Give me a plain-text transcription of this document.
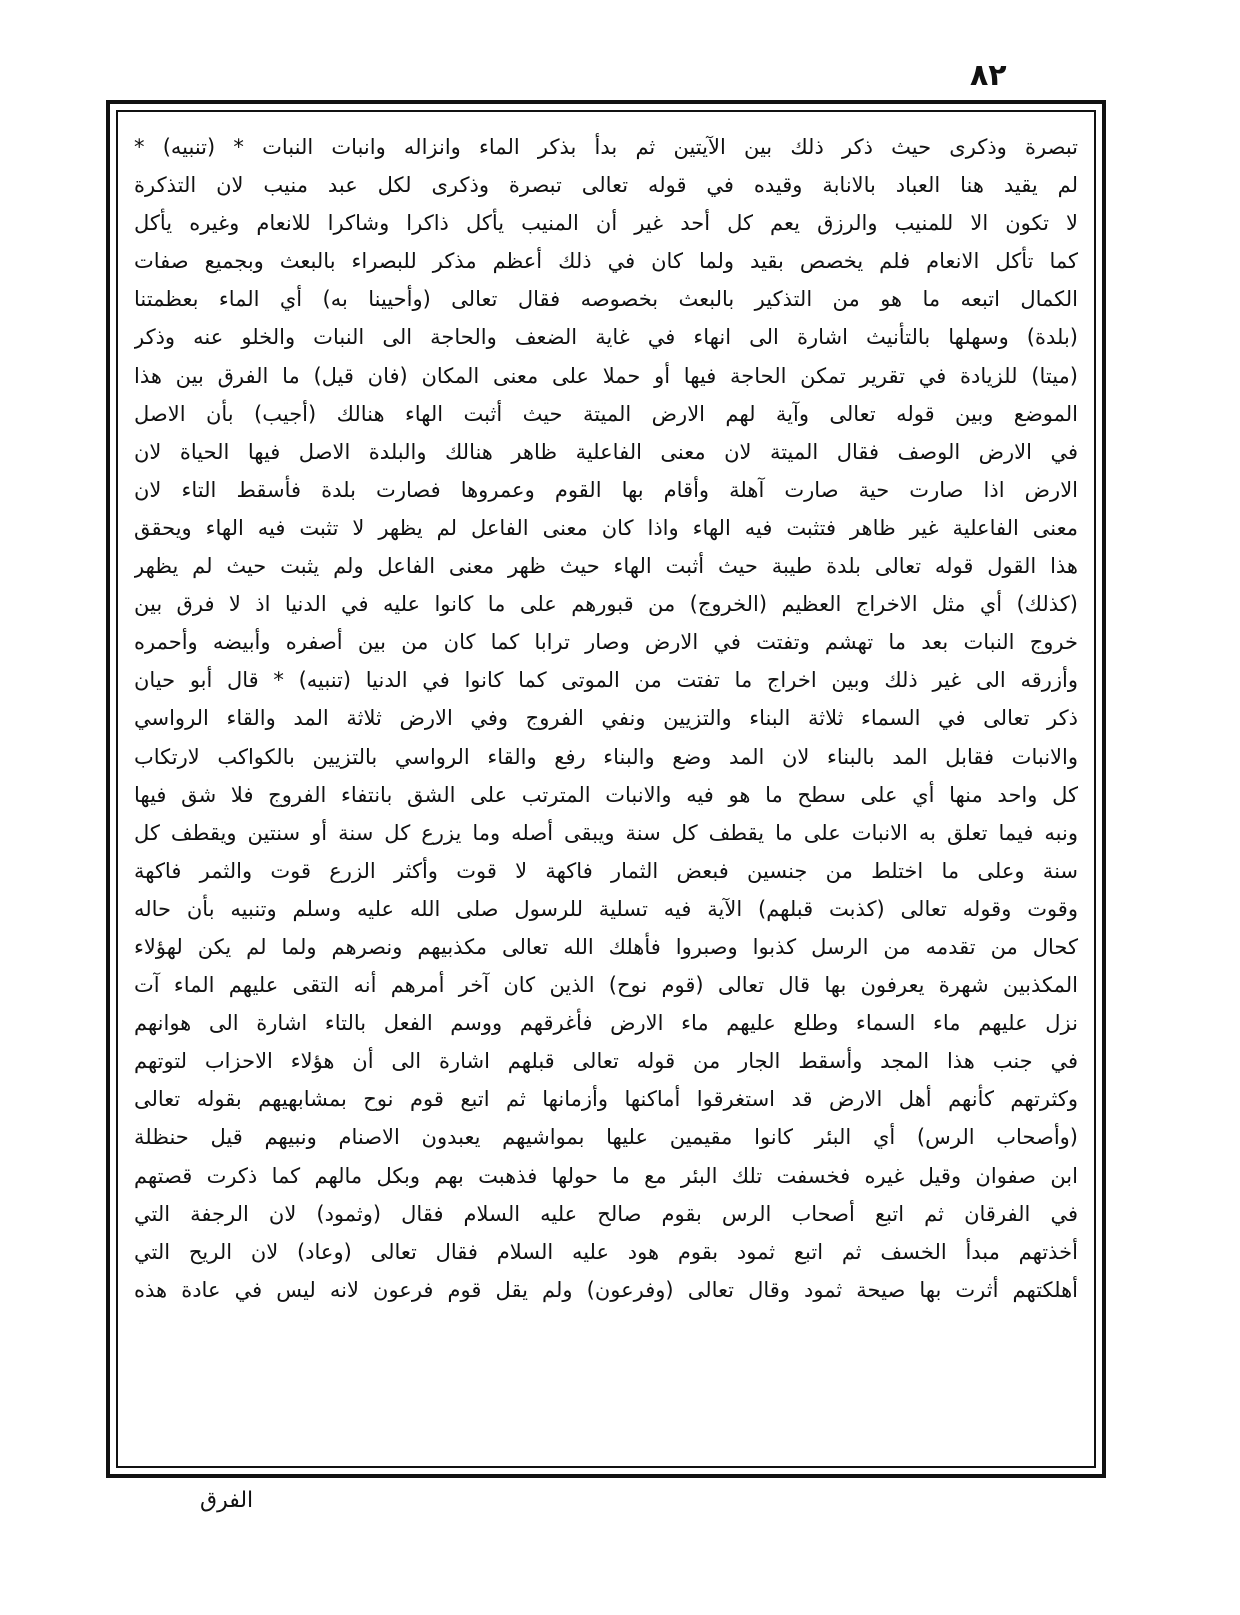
٨٢
تبصرة وذكرى حيث ذكر ذلك بين الآيتين ثم بدأ بذكر الماء وانزاله وانبات النبات * (تنبيه) *
لم يقيد هنا العباد بالانابة وقيده في قوله تعالى تبصرة وذكرى لكل عبد منيب لان التذكرة
لا تكون الا للمنيب والرزق يعم كل أحد غير أن المنيب يأكل ذاكرا وشاكرا للانعام وغيره يأكل
كما تأكل الانعام فلم يخصص بقيد ولما كان في ذلك أعظم مذكر للبصراء بالبعث وبجميع صفات
الكمال اتبعه ما هو من التذكير بالبعث بخصوصه فقال تعالى (وأحيينا به) أي الماء بعظمتنا
(بلدة) وسهلها بالتأنيث اشارة الى انهاء في غاية الضعف والحاجة الى النبات والخلو عنه وذكر
(ميتا) للزيادة في تقرير تمكن الحاجة فيها أو حملا على معنى المكان (فان قيل) ما الفرق بين هذا
الموضع وبين قوله تعالى وآية لهم الارض الميتة حيث أثبت الهاء هنالك (أجيب) بأن الاصل
في الارض الوصف فقال الميتة لان معنى الفاعلية ظاهر هنالك والبلدة الاصل فيها الحياة لان
الارض اذا صارت حية صارت آهلة وأقام بها القوم وعمروها فصارت بلدة فأسقط التاء لان
معنى الفاعلية غير ظاهر فتثبت فيه الهاء واذا كان معنى الفاعل لم يظهر لا تثبت فيه الهاء ويحقق
هذا القول قوله تعالى بلدة طيبة حيث أثبت الهاء حيث ظهر معنى الفاعل ولم يثبت حيث لم يظهر
(كذلك) أي مثل الاخراج العظيم (الخروج) من قبورهم على ما كانوا عليه في الدنيا اذ لا فرق بين
خروج النبات بعد ما تهشم وتفتت في الارض وصار ترابا كما كان من بين أصفره وأبيضه وأحمره
وأزرقه الى غير ذلك وبين اخراج ما تفتت من الموتى كما كانوا في الدنيا (تنبيه) * قال أبو حيان
ذكر تعالى في السماء ثلاثة البناء والتزيين ونفي الفروج وفي الارض ثلاثة المد والقاء الرواسي
والانبات فقابل المد بالبناء لان المد وضع والبناء رفع والقاء الرواسي بالتزيين بالكواكب لارتكاب
كل واحد منها أي على سطح ما هو فيه والانبات المترتب على الشق بانتفاء الفروج فلا شق فيها
ونبه فيما تعلق به الانبات على ما يقطف كل سنة ويبقى أصله وما يزرع كل سنة أو سنتين ويقطف كل
سنة وعلى ما اختلط من جنسين فبعض الثمار فاكهة لا قوت وأكثر الزرع قوت والثمر فاكهة
وقوت وقوله تعالى (كذبت قبلهم) الآية فيه تسلية للرسول صلى الله عليه وسلم وتنبيه بأن حاله
كحال من تقدمه من الرسل كذبوا وصبروا فأهلك الله تعالى مكذبيهم ونصرهم ولما لم يكن لهؤلاء
المكذبين شهرة يعرفون بها قال تعالى (قوم نوح) الذين كان آخر أمرهم أنه التقى عليهم الماء آت
نزل عليهم ماء السماء وطلع عليهم ماء الارض فأغرقهم ووسم الفعل بالتاء اشارة الى هوانهم
في جنب هذا المجد وأسقط الجار من قوله تعالى قبلهم اشارة الى أن هؤلاء الاحزاب لتوتهم
وكثرتهم كأنهم أهل الارض قد استغرقوا أماكنها وأزمانها ثم اتبع قوم نوح بمشابهيهم بقوله تعالى
(وأصحاب الرس) أي البئر كانوا مقيمين عليها بمواشيهم يعبدون الاصنام ونبيهم قيل حنظلة
ابن صفوان وقيل غيره فخسفت تلك البئر مع ما حولها فذهبت بهم وبكل مالهم كما ذكرت قصتهم
في الفرقان ثم اتبع أصحاب الرس بقوم صالح عليه السلام فقال (وثمود) لان الرجفة التي
أخذتهم مبدأ الخسف ثم اتبع ثمود بقوم هود عليه السلام فقال تعالى (وعاد) لان الريح التي
أهلكتهم أثرت بها صيحة ثمود وقال تعالى (وفرعون) ولم يقل قوم فرعون لانه ليس في عادة هذه
الفرق
